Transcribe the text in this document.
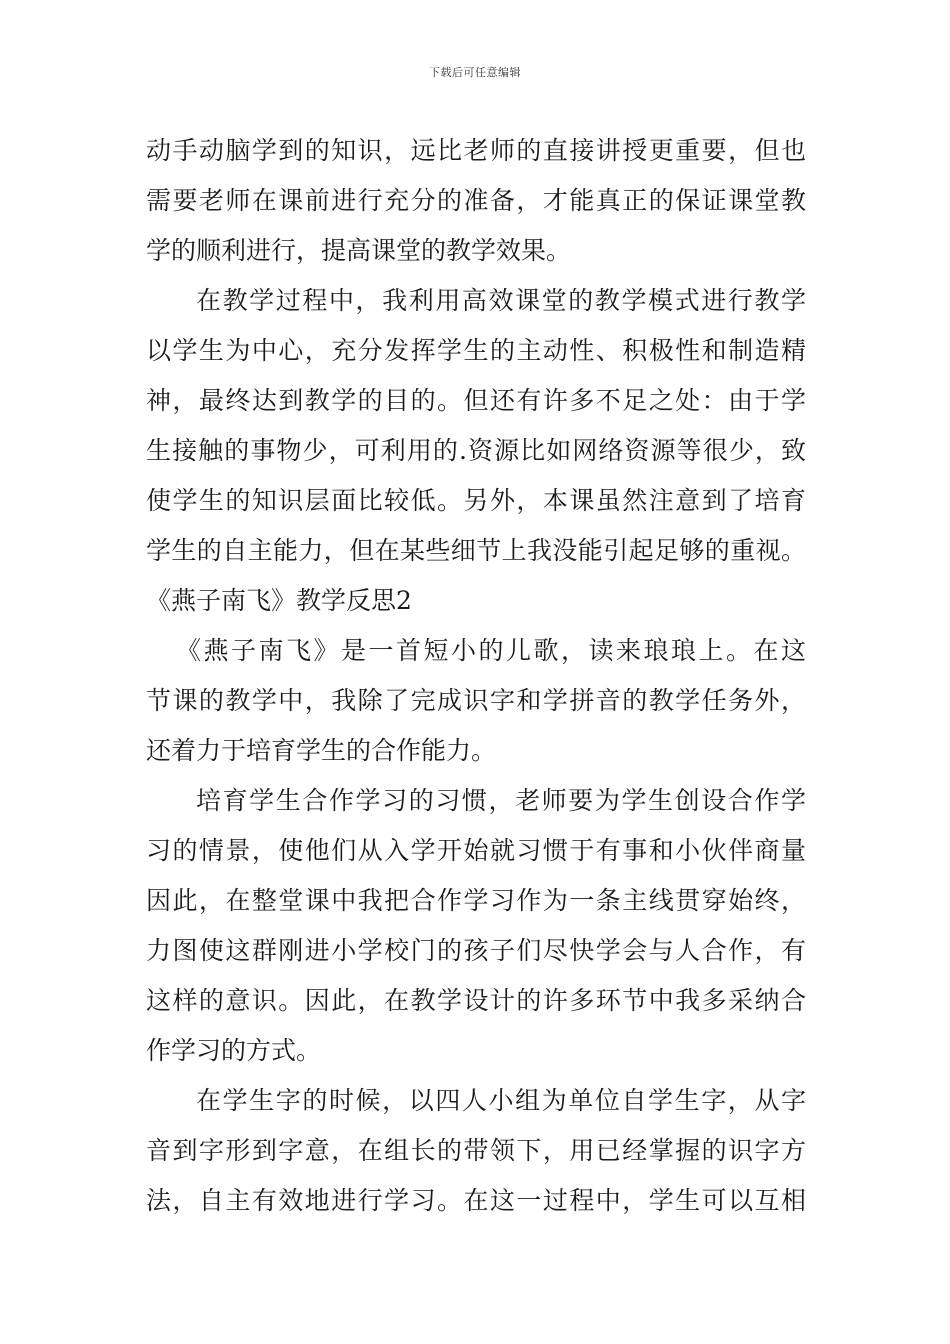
下载后可任意编辑
动手动脑学到的知识，远比老师的直接讲授更重要，但也
需要老师在课前进行充分的准备，才能真正的保证课堂教
学的顺利进行，提高课堂的教学效果。
在教学过程中，我利用高效课堂的教学模式进行教学
以学生为中心，充分发挥学生的主动性、积极性和制造精
神，最终达到教学的目的。但还有许多不足之处：由于学
生接触的事物少，可利用的.资源比如网络资源等很少，致
使学生的知识层面比较低。另外，本课虽然注意到了培育
学生的自主能力，但在某些细节上我没能引起足够的重视。
《燕子南飞》教学反思2
《燕子南飞》是一首短小的儿歌，读来琅琅上。在这
节课的教学中，我除了完成识字和学拼音的教学任务外，
还着力于培育学生的合作能力。
培育学生合作学习的习惯，老师要为学生创设合作学
习的情景，使他们从入学开始就习惯于有事和小伙伴商量
因此，在整堂课中我把合作学习作为一条主线贯穿始终，
力图使这群刚进小学校门的孩子们尽快学会与人合作，有
这样的意识。因此，在教学设计的许多环节中我多采纳合
作学习的方式。
在学生字的时候，以四人小组为单位自学生字，从字
音到字形到字意，在组长的带领下，用已经掌握的识字方
法，自主有效地进行学习。在这一过程中，学生可以互相
